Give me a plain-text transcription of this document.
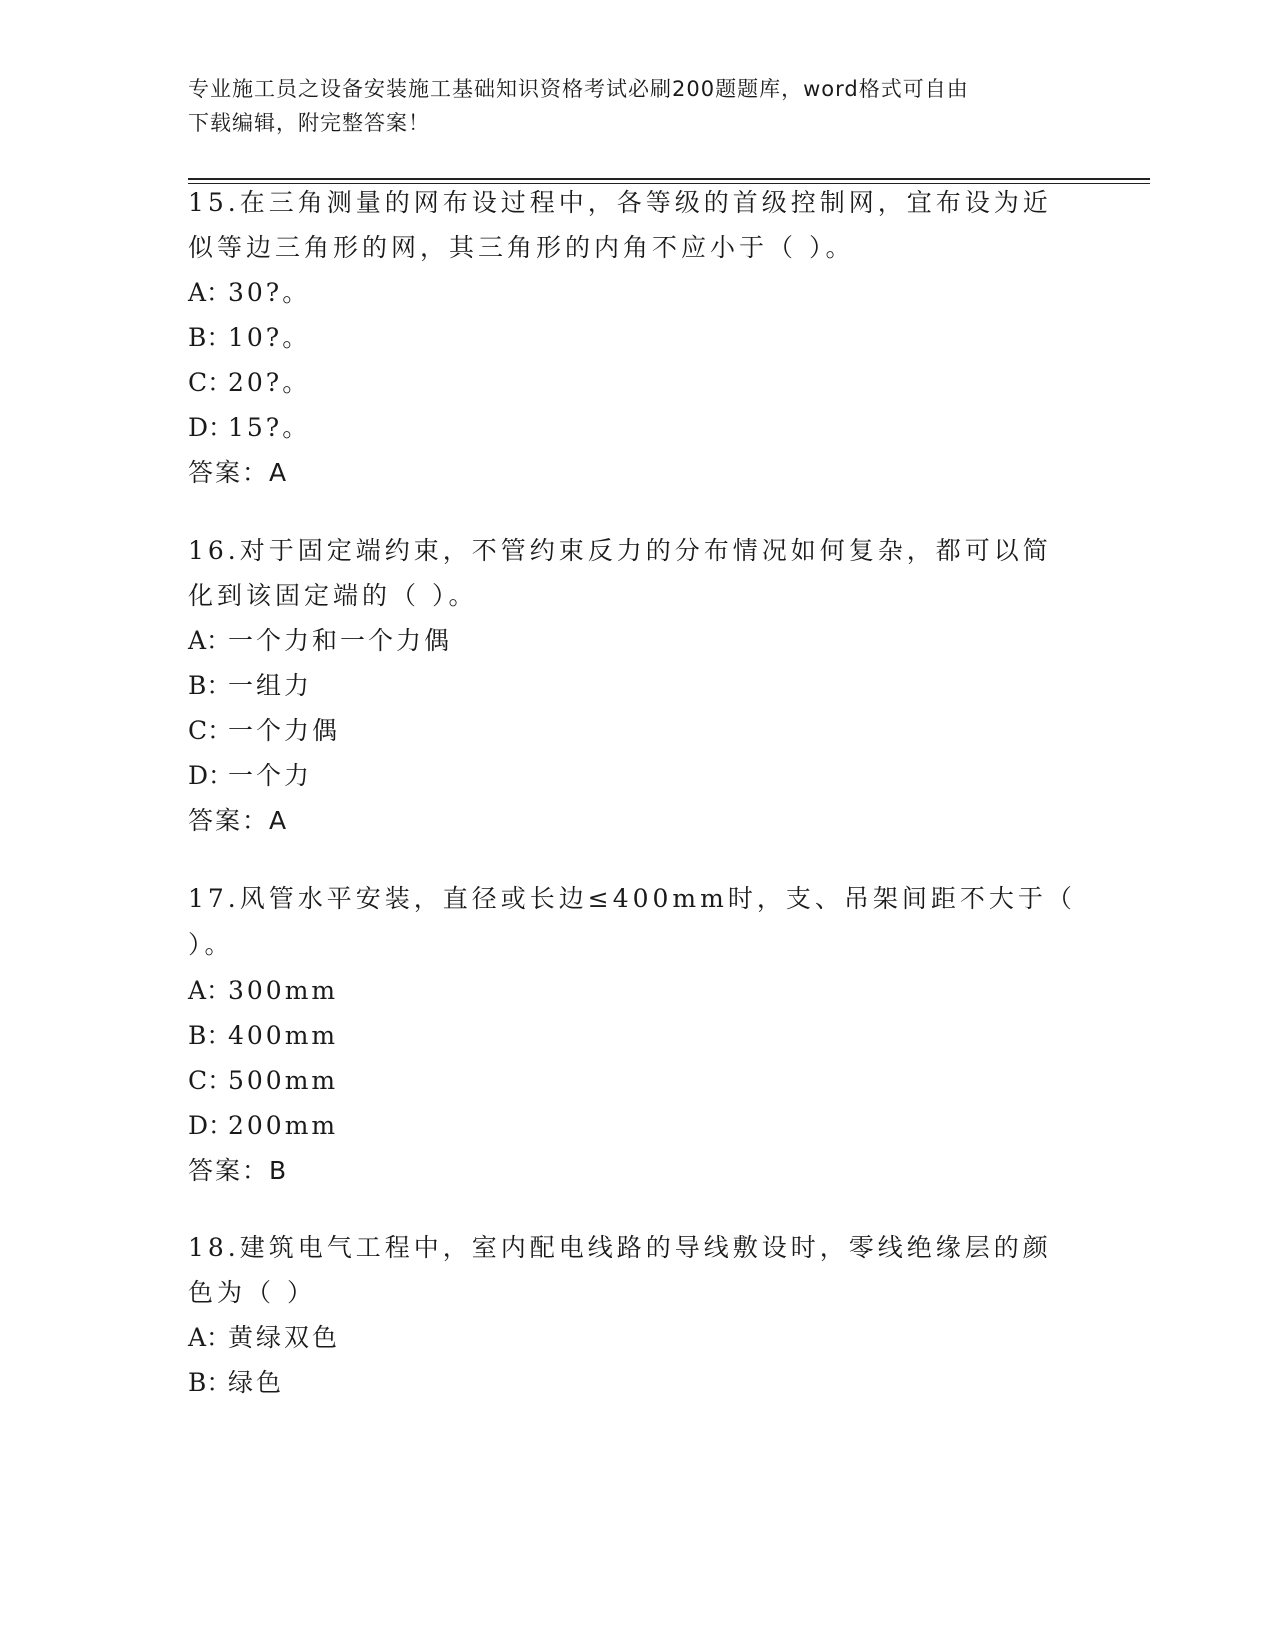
专业施工员之设备安装施工基础知识资格考试必刷200题题库，word格式可自由
下载编辑，附完整答案！

15.在三角测量的网布设过程中，各等级的首级控制网，宜布设为近似等边三角形的网，其三角形的内角不应小于（ ）。

A：30?。
B：10?。
C：20?。
D：15?。
答案：A

16.对于固定端约束，不管约束反力的分布情况如何复杂，都可以简化到该固定端的（ ）。

A：一个力和一个力偶
B：一组力
C：一个力偶
D：一个力
答案：A

17.风管水平安装，直径或长边≤400mm时，支、吊架间距不大于（ ）。

A：300mm
B：400mm
C：500mm
D：200mm
答案：B

18.建筑电气工程中，室内配电线路的导线敷设时，零线绝缘层的颜色为（ ）

A：黄绿双色
B：绿色
